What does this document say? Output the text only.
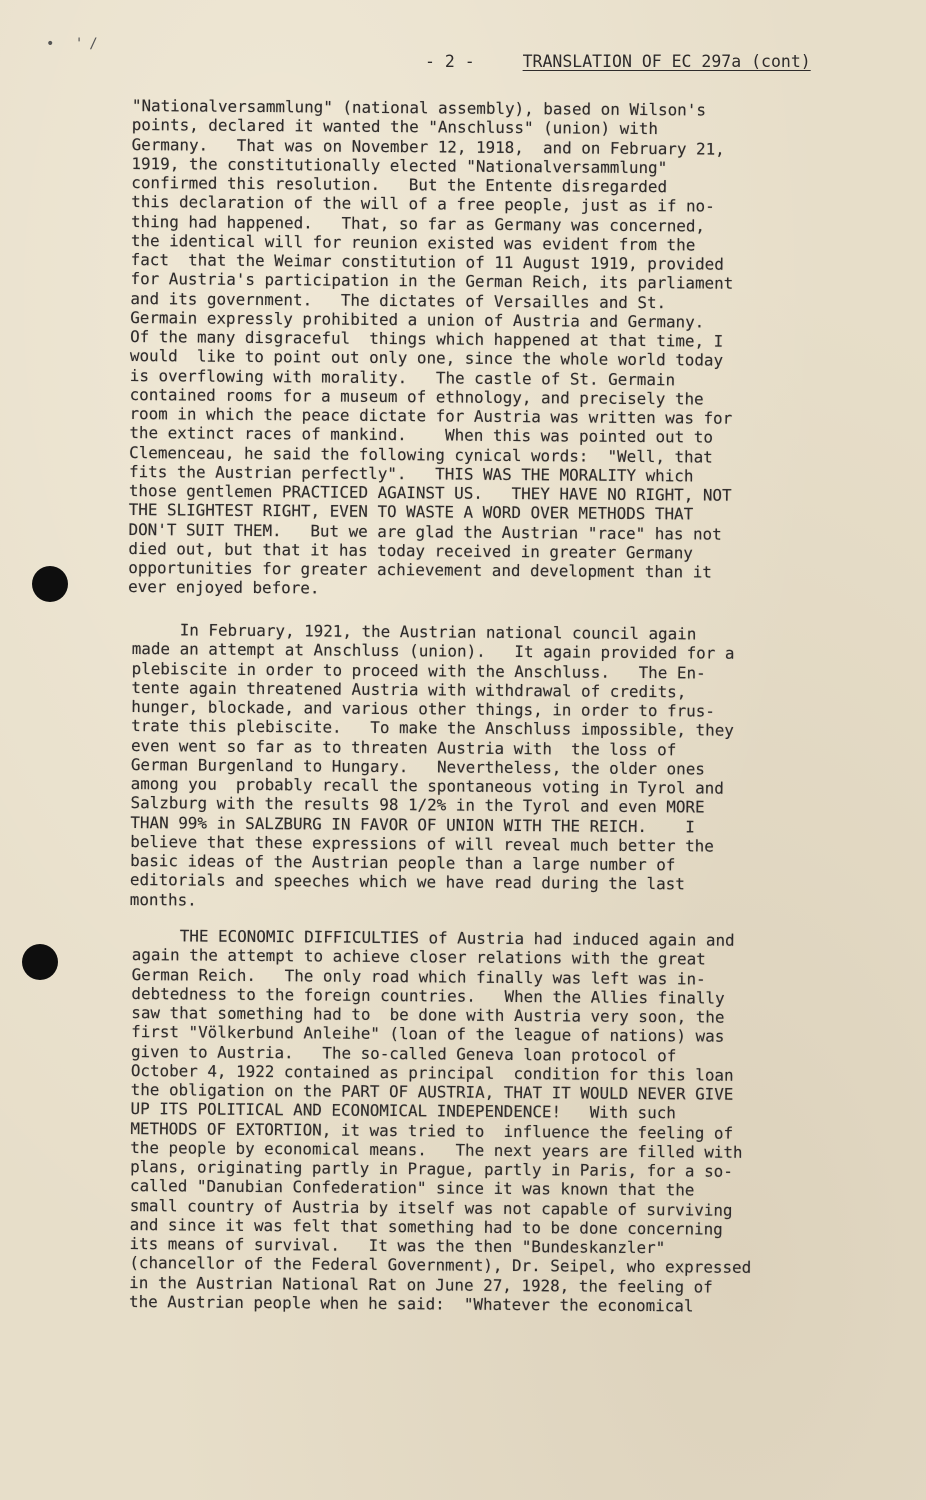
• '/
- 2 -	TRANSLATION OF EC 297a (cont)
"Nationalversammlung" (national assembly), based on Wilson's
points, declared it wanted the "Anschluss" (union) with
Germany.   That was on November 12, 1918,  and on February 21,
1919, the constitutionally elected "Nationalversammlung"
confirmed this resolution.   But the Entente disregarded
this declaration of the will of a free people, just as if no-
thing had happened.   That, so far as Germany was concerned,
the identical will for reunion existed was evident from the
fact  that the Weimar constitution of 11 August 1919, provided
for Austria's participation in the German Reich, its parliament
and its government.   The dictates of Versailles and St.
Germain expressly prohibited a union of Austria and Germany.
Of the many disgraceful  things which happened at that time, I
would  like to point out only one, since the whole world today
is overflowing with morality.   The castle of St. Germain
contained rooms for a museum of ethnology, and precisely the
room in which the peace dictate for Austria was written was for
the extinct races of mankind.    When this was pointed out to
Clemenceau, he said the following cynical words:  "Well, that
fits the Austrian perfectly".   THIS WAS THE MORALITY which
those gentlemen PRACTICED AGAINST US.   THEY HAVE NO RIGHT, NOT
THE SLIGHTEST RIGHT, EVEN TO WASTE A WORD OVER METHODS THAT
DON'T SUIT THEM.   But we are glad the Austrian "race" has not
died out, but that it has today received in greater Germany
opportunities for greater achievement and development than it
ever enjoyed before.
In February, 1921, the Austrian national council again
made an attempt at Anschluss (union).   It again provided for a
plebiscite in order to proceed with the Anschluss.   The En-
tente again threatened Austria with withdrawal of credits,
hunger, blockade, and various other things, in order to frus-
trate this plebiscite.   To make the Anschluss impossible, they
even went so far as to threaten Austria with  the loss of
German Burgenland to Hungary.   Nevertheless, the older ones
among you  probably recall the spontaneous voting in Tyrol and
Salzburg with the results 98 1/2% in the Tyrol and even MORE
THAN 99% in SALZBURG IN FAVOR OF UNION WITH THE REICH.    I
believe that these expressions of will reveal much better the
basic ideas of the Austrian people than a large number of
editorials and speeches which we have read during the last
months.
THE ECONOMIC DIFFICULTIES of Austria had induced again and
again the attempt to achieve closer relations with the great
German Reich.   The only road which finally was left was in-
debtedness to the foreign countries.   When the Allies finally
saw that something had to  be done with Austria very soon, the
first "Völkerbund Anleihe" (loan of the league of nations) was
given to Austria.   The so-called Geneva loan protocol of
October 4, 1922 contained as principal  condition for this loan
the obligation on the PART OF AUSTRIA, THAT IT WOULD NEVER GIVE
UP ITS POLITICAL AND ECONOMICAL INDEPENDENCE!   With such
METHODS OF EXTORTION, it was tried to  influence the feeling of
the people by economical means.   The next years are filled with
plans, originating partly in Prague, partly in Paris, for a so-
called "Danubian Confederation" since it was known that the
small country of Austria by itself was not capable of surviving
and since it was felt that something had to be done concerning
its means of survival.   It was the then "Bundeskanzler"
(chancellor of the Federal Government), Dr. Seipel, who expressed
in the Austrian National Rat on June 27, 1928, the feeling of
the Austrian people when he said:  "Whatever the economical
